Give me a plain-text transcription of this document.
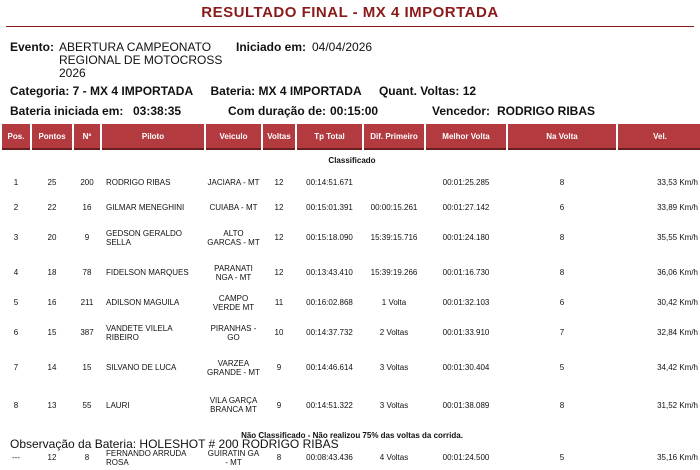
RESULTADO FINAL - MX 4 IMPORTADA
Evento: ABERTURA CAMPEONATO REGIONAL DE MOTOCROSS 2026
Iniciado em: 04/04/2026
Categoria: 7 - MX 4 IMPORTADA Bateria: MX 4 IMPORTADA Quant. Voltas: 12
Bateria iniciada em: 03:38:35	Com duração de: 00:15:00	Vencedor: RODRIGO RIBAS
Pos.	Pontos	Nº	Piloto	Veiculo	Voltas	Tp Total	Dif. Primeiro	Melhor Volta	Na Volta	Vel.
Classificado										
1	25	200	RODRIGO RIBAS	JACIARA - MT	12	00:14:51.671		00:01:25.285	8	33,53 Km/h
2	22	16	GILMAR MENEGHINI	CUIABA - MT	12	00:15:01.391	00:00:15.261	00:01:27.142	6	33,89 Km/h
3	20	9	GEDSON GERALDO SELLA	ALTO GARCAS - MT	12	00:15:18.090	15:39:15.716	00:01:24.180	8	35,55 Km/h
4	18	78	FIDELSON MARQUES	PARANATI NGA - MT	12	00:13:43.410	15:39:19.266	00:01:16.730	8	36,06 Km/h
5	16	211	ADILSON MAGUILA	CAMPO VERDE MT	11	00:16:02.868	1 Volta	00:01:32.103	6	30,42 Km/h
6	15	387	VANDETE VILELA RIBEIRO	PIRANHAS - GO	10	00:14:37.732	2 Voltas	00:01:33.910	7	32,84 Km/h
7	14	15	SILVANO DE LUCA	VARZEA GRANDE - MT	9	00:14:46.614	3 Voltas	00:01:30.404	5	34,42 Km/h
8	13	55	LAURI	VILA GARÇA BRANCA MT	9	00:14:51.322	3 Voltas	00:01:38.089	8	31,52 Km/h
Não Classificado - Não realizou 75% das voltas da corrida.										
---	12	8	FERNANDO ARRUDA ROSA	GUIRATIN GA - MT	8	00:08:43.436	4 Voltas	00:01:24.500	5	35,16 Km/h
Observação da Bateria: HOLESHOT # 200 RODRIGO RIBAS
